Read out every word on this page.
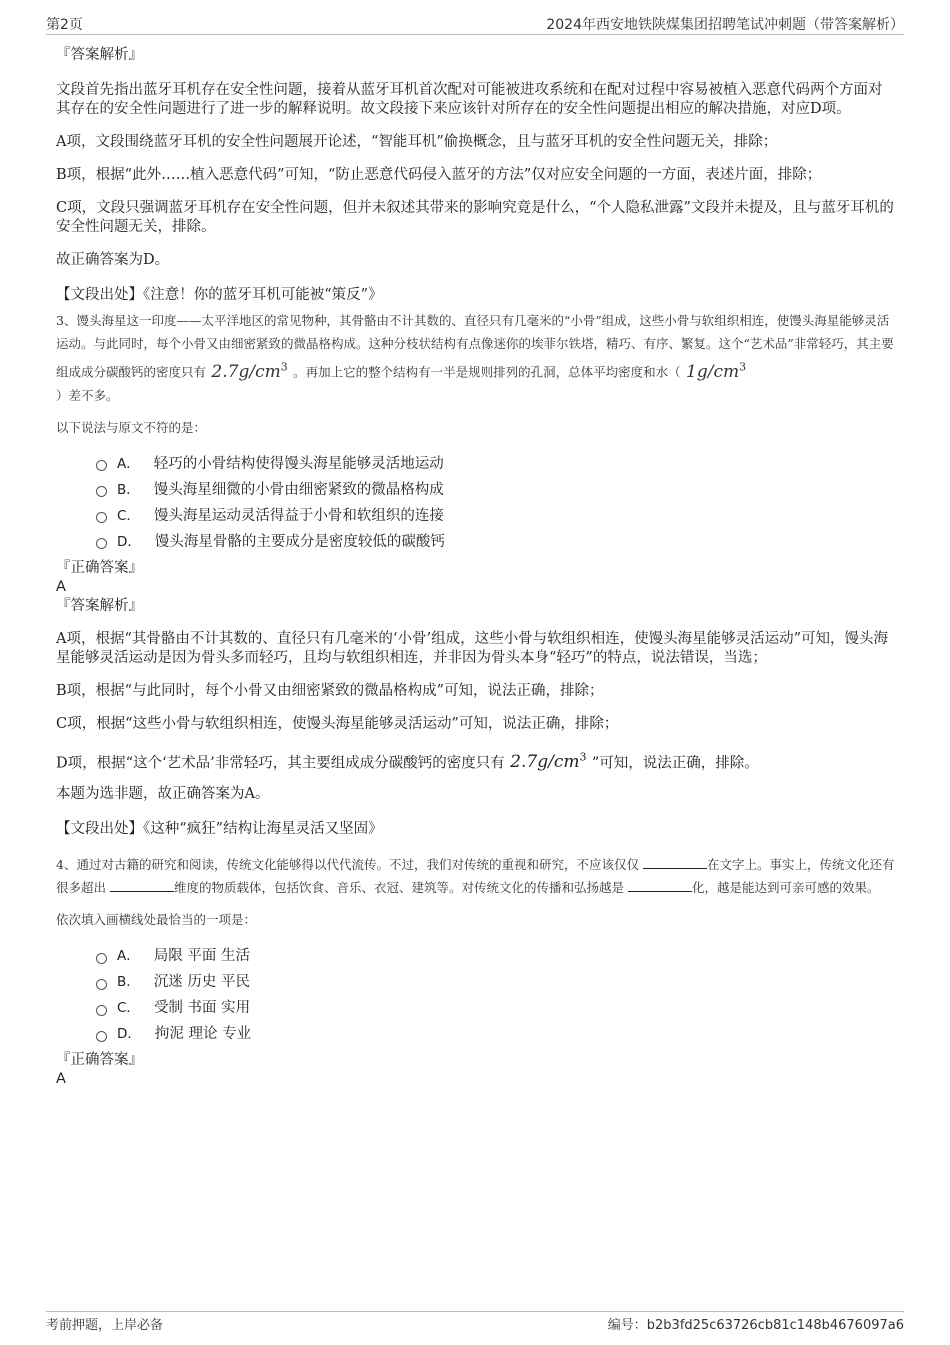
第2页	2024年西安地铁陕煤集团招聘笔试冲刺题（带答案解析）
『答案解析』

文段首先指出蓝牙耳机存在安全性问题，接着从蓝牙耳机首次配对可能被进攻系统和在配对过程中容易被植入恶意代码两个方面对其存在的安全性问题进行了进一步的解释说明。故文段接下来应该针对所存在的安全性问题提出相应的解决措施，对应D项。

A项，文段围绕蓝牙耳机的安全性问题展开论述，“智能耳机”偷换概念，且与蓝牙耳机的安全性问题无关，排除；

B项，根据“此外……植入恶意代码”可知，“防止恶意代码侵入蓝牙的方法”仅对应安全问题的一方面，表述片面，排除；

C项，文段只强调蓝牙耳机存在安全性问题，但并未叙述其带来的影响究竟是什么，“个人隐私泄露”文段并未提及，且与蓝牙耳机的安全性问题无关，排除。

故正确答案为D。

【文段出处】《注意！你的蓝牙耳机可能被“策反”》

3、馒头海星这一印度——太平洋地区的常见物种，其骨骼由不计其数的、直径只有几毫米的“小骨”组成，这些小骨与软组织相连，使馒头海星能够灵活运动。与此同时，每个小骨又由细密紧致的微晶格构成。这种分枝状结构有点像迷你的埃菲尔铁塔，精巧、有序、繁复。这个“艺术品”非常轻巧，其主要组成成分碳酸钙的密度只有 $2.7g/cm^3$ 。再加上它的整个结构有一半是规则排列的孔洞，总体平均密度和水（ $1g/cm^3$
）差不多。

以下说法与原文不符的是：
A． 轻巧的小骨结构使得馒头海星能够灵活地运动
B． 馒头海星细微的小骨由细密紧致的微晶格构成
C． 馒头海星运动灵活得益于小骨和软组织的连接
D． 馒头海星骨骼的主要成分是密度较低的碳酸钙
『正确答案』
A
『答案解析』

A项，根据“其骨骼由不计其数的、直径只有几毫米的‘小骨’组成，这些小骨与软组织相连，使馒头海星能够灵活运动”可知，馒头海星能够灵活运动是因为骨头多而轻巧，且均与软组织相连，并非因为骨头本身“轻巧”的特点，说法错误，当选；

B项，根据“与此同时，每个小骨又由细密紧致的微晶格构成”可知，说法正确，排除；

C项，根据“这些小骨与软组织相连，使馒头海星能够灵活运动”可知，说法正确，排除；

D项，根据“这个‘艺术品’非常轻巧，其主要组成成分碳酸钙的密度只有 $2.7g/cm^3$ ”可知，说法正确，排除。

本题为选非题，故正确答案为A。

【文段出处】《这种“疯狂”结构让海星灵活又坚固》

4、通过对古籍的研究和阅读，传统文化能够得以代代流传。不过，我们对传统的重视和研究，不应该仅仅	在文字上。事实上，传统文化还有很多超出	维度的物质载体，包括饮食、音乐、衣冠、建筑等。对传统文化的传播和弘扬越是	化，越是能达到可亲可感的效果。

依次填入画横线处最恰当的一项是：
A． 局限 平面 生活
B． 沉迷 历史 平民
C． 受制 书面 实用
D． 拘泥 理论 专业
『正确答案』
A
考前押题，上岸必备	编号：b2b3fd25c63726cb81c148b4676097a6
